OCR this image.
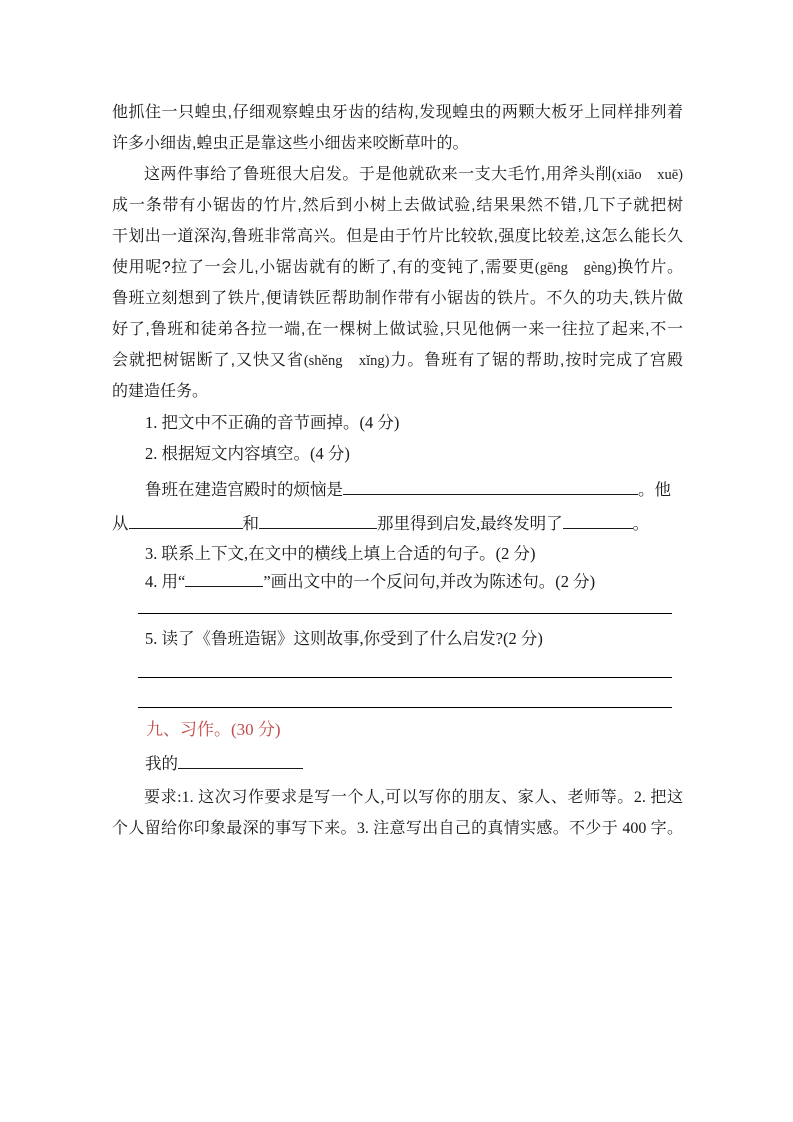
他抓住一只蝗虫,仔细观察蝗虫牙齿的结构,发现蝗虫的两颗大板牙上同样排列着
许多小细齿,蝗虫正是靠这些小细齿来咬断草叶的。
这两件事给了鲁班很大启发。于是他就砍来一支大毛竹,用斧头削(xiāo　xuē)
成一条带有小锯齿的竹片,然后到小树上去做试验,结果果然不错,几下子就把树
干划出一道深沟,鲁班非常高兴。但是由于竹片比较软,强度比较差,这怎么能长久
使用呢?拉了一会儿,小锯齿就有的断了,有的变钝了,需要更(gēng　gèng)换竹片。
鲁班立刻想到了铁片,便请铁匠帮助制作带有小锯齿的铁片。不久的功夫,铁片做
好了,鲁班和徒弟各拉一端,在一棵树上做试验,只见他俩一来一往拉了起来,不一
会就把树锯断了,又快又省(shěng　xǐng)力。鲁班有了锯的帮助,按时完成了宫殿
的建造任务。
1. 把文中不正确的音节画掉。(4 分)
2. 根据短文内容填空。(4 分)
鲁班在建造宫殿时的烦恼是	。他
从	和	那里得到启发,最终发明了	。
3. 联系上下文,在文中的横线上填上合适的句子。(2 分)
4. 用“	”画出文中的一个反问句,并改为陈述句。(2 分)
5. 读了《鲁班造锯》这则故事,你受到了什么启发?(2 分)
九、习作。(30 分)
我的
要求:1. 这次习作要求是写一个人,可以写你的朋友、家人、老师等。2. 把这
个人留给你印象最深的事写下来。3. 注意写出自己的真情实感。不少于 400 字。
